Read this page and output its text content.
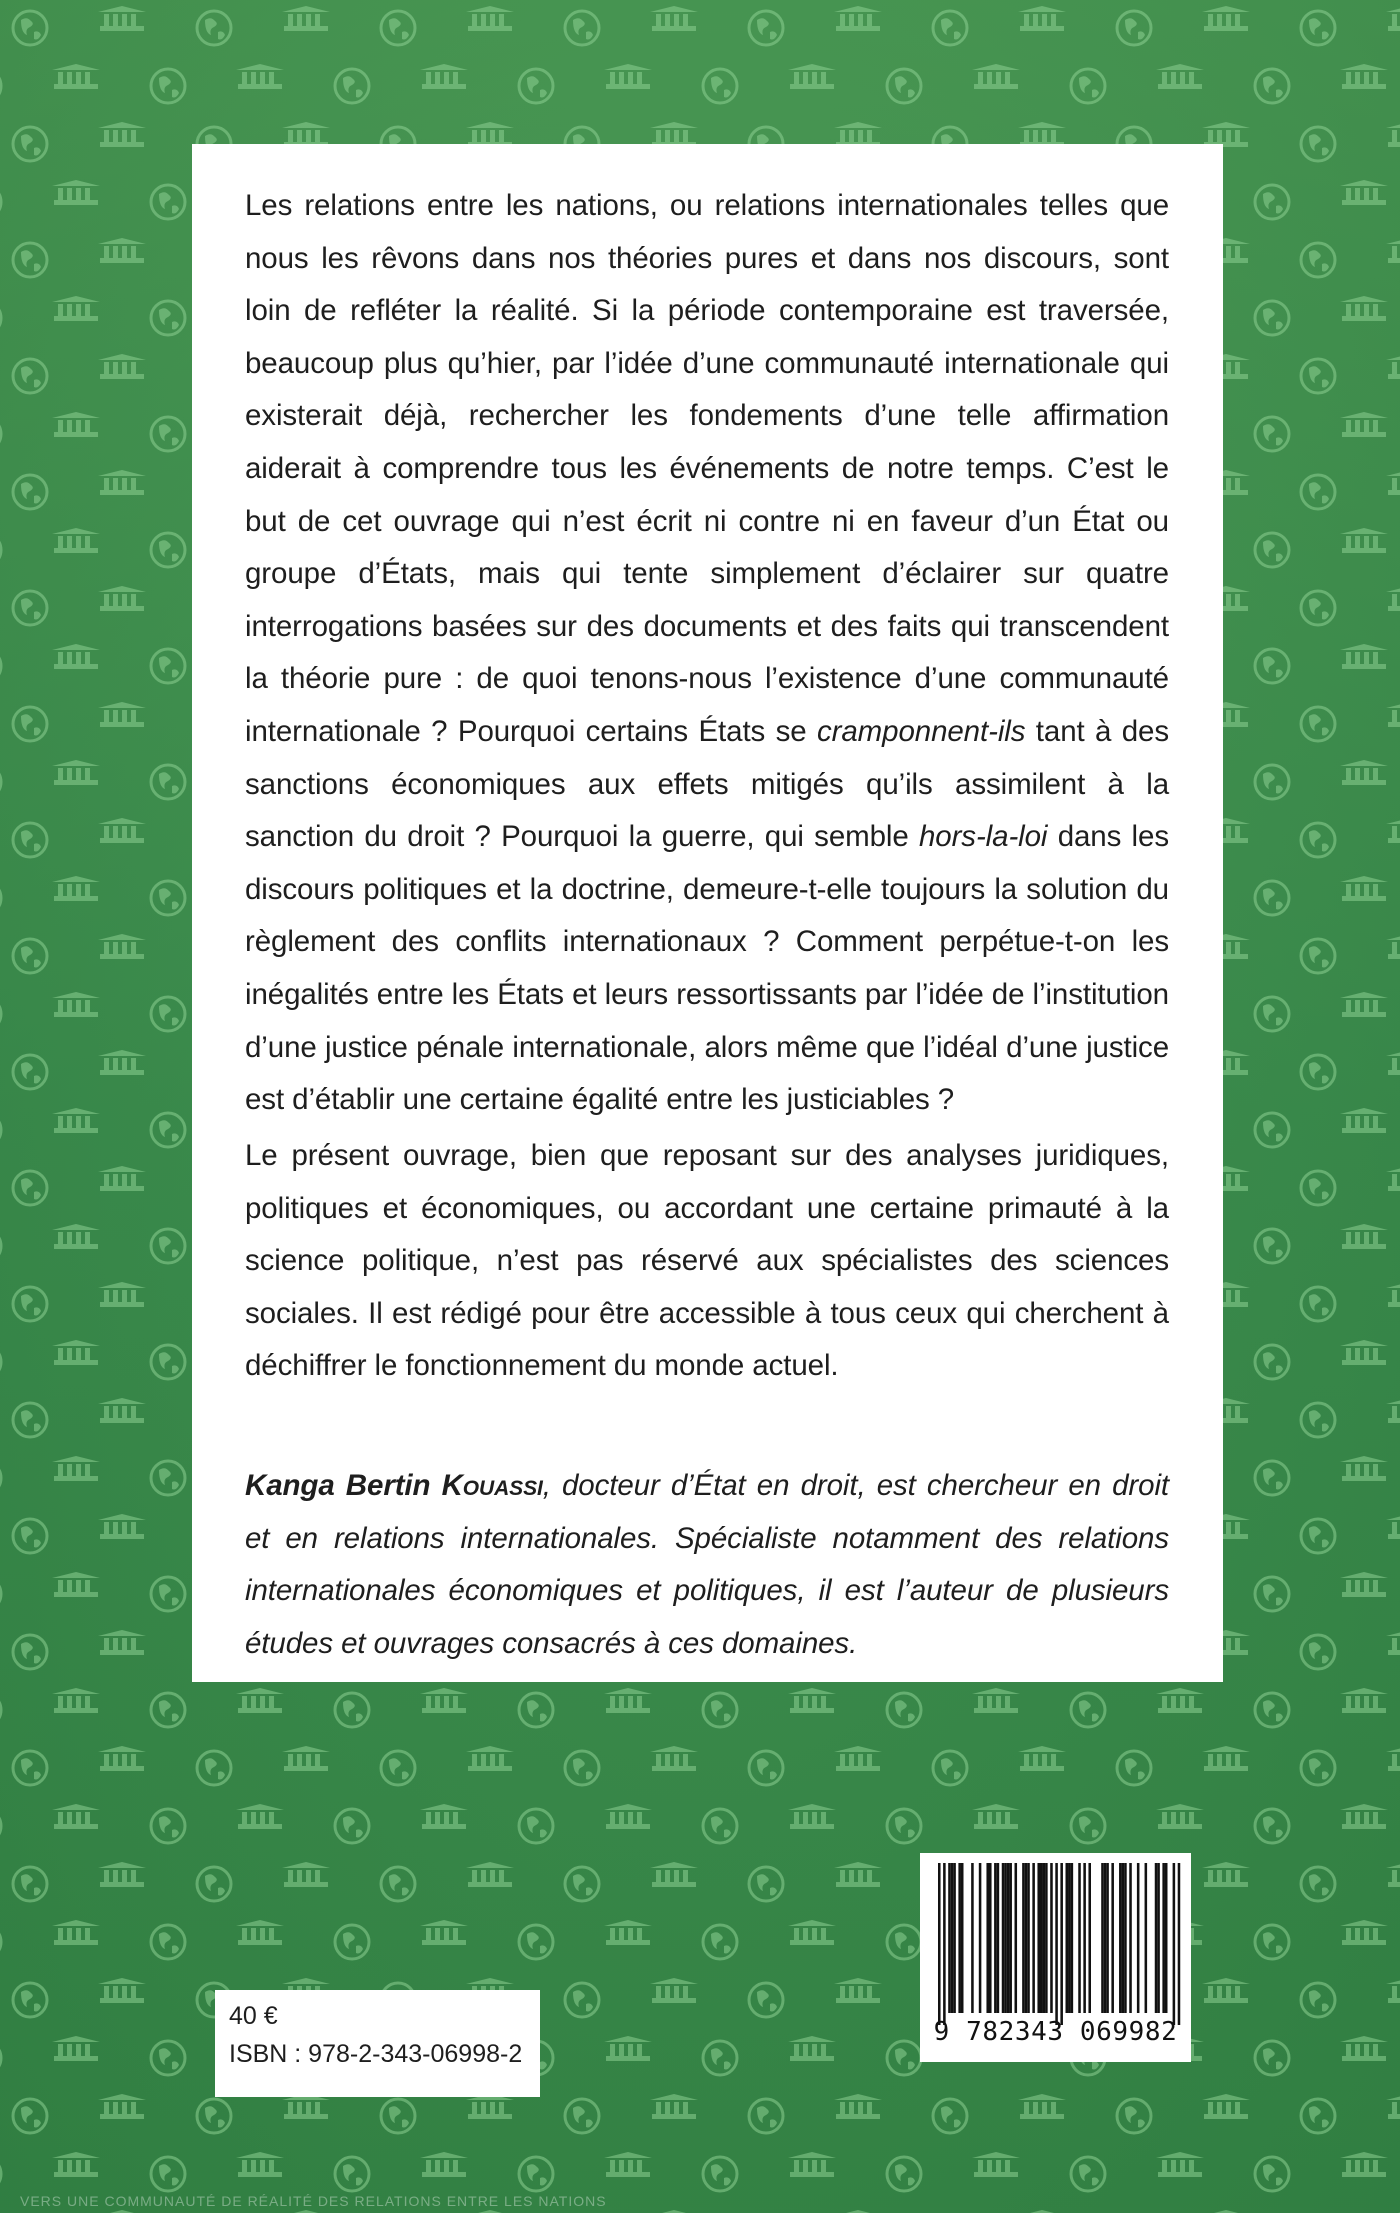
Les relations entre les nations, ou relations internationales telles que nous les rêvons dans nos théories pures et dans nos discours, sont loin de refléter la réalité. Si la période contemporaine est traversée, beaucoup plus qu’hier, par l’idée d’une communauté internationale qui existerait déjà, rechercher les fondements d’une telle affirmation aiderait à comprendre tous les événements de notre temps. C’est le but de cet ouvrage qui n’est écrit ni contre ni en faveur d’un État ou groupe d’États, mais qui tente simplement d’éclairer sur quatre interrogations basées sur des documents et des faits qui transcendent la théorie pure : de quoi tenons-nous l’existence d’une communauté internationale ? Pourquoi certains États se cramponnent-ils tant à des sanctions économiques aux effets mitigés qu’ils assimilent à la sanction du droit ? Pourquoi la guerre, qui semble hors-la-loi dans les discours politiques et la doctrine, demeure-t-elle toujours la solution du règlement des conflits internationaux ? Comment perpétue-t-on les inégalités entre les États et leurs ressortissants par l’idée de l’institution d’une justice pénale internationale, alors même que l’idéal d’une justice est d’établir une certaine égalité entre les justiciables ?
Le présent ouvrage, bien que reposant sur des analyses juridiques, politiques et économiques, ou accordant une certaine primauté à la science politique, n’est pas réservé aux spécialistes des sciences sociales. Il est rédigé pour être accessible à tous ceux qui cherchent à déchiffrer le fonctionnement du monde actuel.
Kanga Bertin Kouassi, docteur d’État en droit, est chercheur en droit et en relations internationales. Spécialiste notamment des relations internationales économiques et politiques, il est l’auteur de plusieurs études et ouvrages consacrés à ces domaines.
40 €
ISBN : 978-2-343-06998-2
9 782343 069982
VERS UNE COMMUNAUTÉ DE RÉALITÉ DES RELATIONS ENTRE LES NATIONS
